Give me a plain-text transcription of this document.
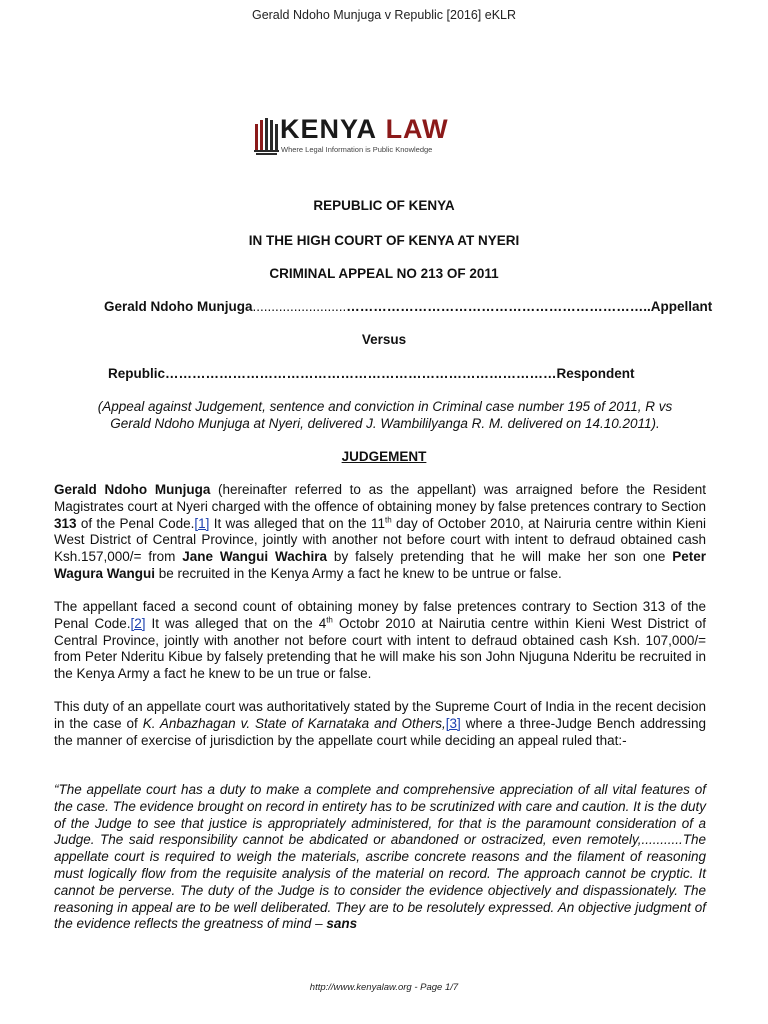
Gerald Ndoho Munjuga v Republic [2016] eKLR
KENYA LAW
Where Legal Information is Public Knowledge
REPUBLIC OF KENYA
IN THE HIGH COURT OF KENYA AT NYERI
CRIMINAL APPEAL NO 213 OF 2011
Gerald Ndoho Munjuga.........................…………………………………………………………..Appellant
Versus
Republic……………………………………………………………………………Respondent
(Appeal against Judgement, sentence and conviction in Criminal case number 195 of 2011, R vs Gerald Ndoho Munjuga at Nyeri, delivered J. Wambililyanga R. M. delivered on 14.10.2011).
JUDGEMENT
Gerald Ndoho Munjuga (hereinafter referred to as the appellant) was arraigned before the Resident Magistrates court at Nyeri charged with the offence of obtaining money by false pretences contrary to Section 313 of the Penal Code.[1] It was alleged that on the 11th day of October 2010, at Nairuria centre within Kieni West District of Central Province, jointly with another not before court with intent to defraud obtained cash Ksh.157,000/= from Jane Wangui Wachira by falsely pretending that he will make her son one Peter Wagura Wangui be recruited in the Kenya Army a fact he knew to be untrue or false.
The appellant faced a second count of obtaining money by false pretences contrary to Section 313 of the Penal Code.[2] It was alleged that on the 4th Octobr 2010 at Nairutia centre within Kieni West District of Central Province, jointly with another not before court with intent to defraud obtained cash Ksh. 107,000/= from Peter Nderitu Kibue by falsely pretending that he will make his son John Njuguna Nderitu be recruited in the Kenya Army a fact he knew to be un true or false.
This duty of an appellate court was authoritatively stated by the Supreme Court of India in the recent decision in the case of K. Anbazhagan v. State of Karnataka and Others,[3] where a three-Judge Bench addressing the manner of exercise of jurisdiction by the appellate court while deciding an appeal ruled that:-
“The appellate court has a duty to make a complete and comprehensive appreciation of all vital features of the case. The evidence brought on record in entirety has to be scrutinized with care and caution. It is the duty of the Judge to see that justice is appropriately administered, for that is the paramount consideration of a Judge. The said responsibility cannot be abdicated or abandoned or ostracized, even remotely,...........The appellate court is required to weigh the materials, ascribe concrete reasons and the filament of reasoning must logically flow from the requisite analysis of the material on record. The approach cannot be cryptic. It cannot be perverse. The duty of the Judge is to consider the evidence objectively and dispassionately. The reasoning in appeal are to be well deliberated. They are to be resolutely expressed. An objective judgment of the evidence reflects the greatness of mind – sans
http://www.kenyalaw.org - Page 1/7
